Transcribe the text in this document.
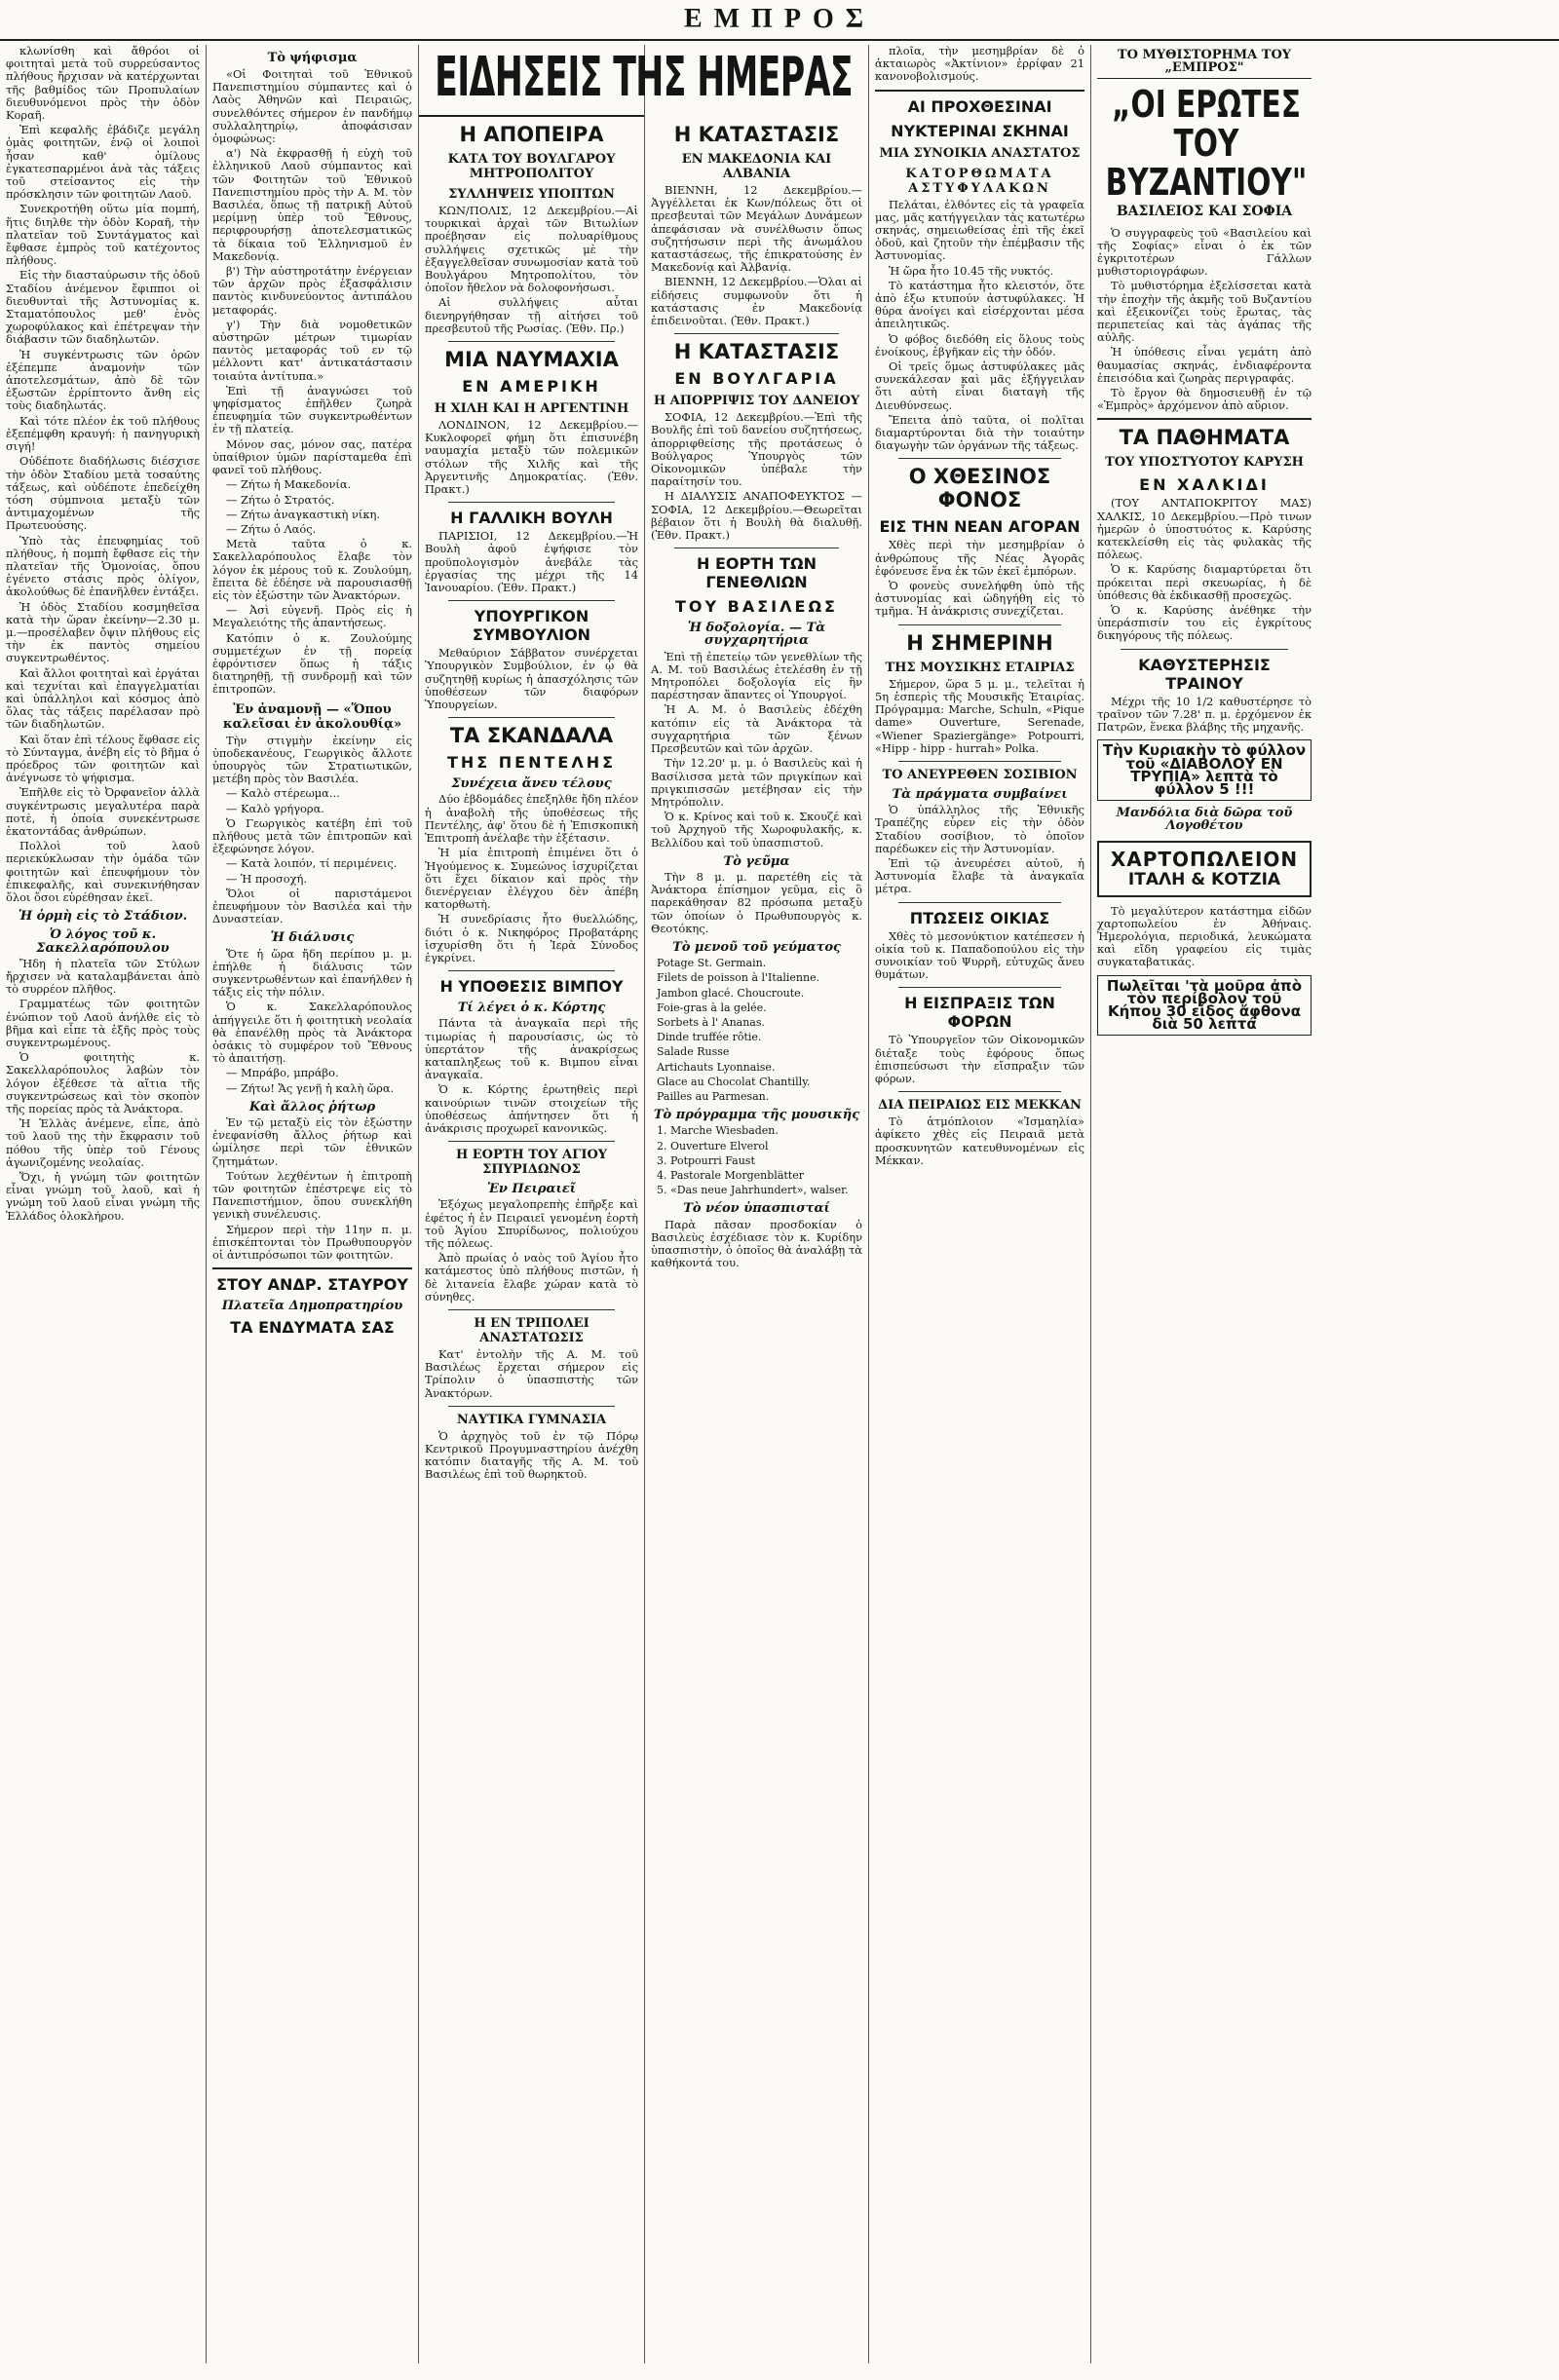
ΕΜΠΡΟΣ

κλωνίσθη καὶ ἄθρόοι οἱ φοιτηταὶ μετὰ τοῦ συρρεύσαντος πλήθους ἤρχισαν νὰ κατέρχωνται τῆς βαθμίδος τῶν Προπυλαίων διευθυνόμενοι πρὸς τὴν ὁδὸν Κοραῆ.

Ἐπὶ κεφαλῆς ἐβάδιζε μεγάλη ὁμὰς φοιτητῶν, ἐνῷ οἱ λοιποὶ ἦσαν καθ' ὁμίλους ἐγκατεσπαρμένοι ἀνὰ τὰς τάξεις τοῦ στείσαντος εἰς τὴν πρόσκλησιν τῶν φοιτητῶν Λαοῦ.

Συνεκροτήθη οὕτω μία πομπή, ἥτις διηλθε τὴν ὁδὸν Κοραῆ, τὴν πλατεῖαν τοῦ Συντάγματος καὶ ἔφθασε ἐμπρὸς τοῦ κατέχοντος πλήθους.

Εἰς τὴν διασταύρωσιν τῆς ὁδοῦ Σταδίου ἀνέμενον ἔφιπποι οἱ διευθυνταὶ τῆς Ἀστυνομίας κ. Σταματόπουλος μεθ' ἑνὸς χωροφύλακος καὶ ἐπέτρεψαν τὴν διάβασιν τῶν διαδηλωτῶν.

Ἡ συγκέντρωσις τῶν ὀρῶν ἐξέπεμπε ἀναμονὴν τῶν ἀποτελεσμάτων, ἀπὸ δὲ τῶν ἐξωστῶν ἐρρίπτοντο ἄνθη εἰς τοὺς διαδηλωτάς.

Καὶ τότε πλέον ἐκ τοῦ πλήθους ἐξεπέμφθη κραυγή: ἡ πανηγυρικὴ σιγή!

Οὐδέποτε διαδήλωσις διέσχισε τὴν ὁδὸν Σταδίου μετὰ τοσαύτης τάξεως, καὶ οὐδέποτε ἐπεδείχθη τόση σύμπνοια μεταξὺ τῶν ἀντιμαχομένων τῆς Πρωτευούσης.

Ὑπὸ τὰς ἐπευφημίας τοῦ πλήθους, ἡ πομπὴ ἔφθασε εἰς τὴν πλατεῖαν τῆς Ὁμονοίας, ὅπου ἐγένετο στάσις πρὸς ὀλίγον, ἀκολούθως δὲ ἐπανῆλθεν ἐντάξει.

Ἡ ὁδὸς Σταδίου κοσμηθεῖσα κατὰ τὴν ὥραν ἐκείνην—2.30 μ. μ.—προσέλαβεν ὄψιν πλήθους εἰς τὴν ἐκ παντὸς σημείου συγκεντρωθέντος.

Καὶ ἄλλοι φοιτηταὶ καὶ ἐργάται καὶ τεχνίται καὶ ἐπαγγελματίαι καὶ ὑπάλληλοι καὶ κόσμος ἀπὸ ὅλας τὰς τάξεις παρέλασαν πρὸ τῶν διαδηλωτῶν.

Καὶ ὅταν ἐπὶ τέλους ἔφθασε εἰς τὸ Σύνταγμα, ἀνέβη εἰς τὸ βῆμα ὁ πρόεδρος τῶν φοιτητῶν καὶ ἀνέγνωσε τὸ ψήφισμα.

Ἐπῆλθε εἰς τὸ Ὀρφανεῖον ἀλλὰ συγκέντρωσις μεγαλυτέρα παρὰ ποτὲ, ἡ ὁποία συνεκέντρωσε ἑκατοντάδας ἀνθρώπων.

Πολλοὶ τοῦ λαοῦ περιεκύκλωσαν τὴν ὁμάδα τῶν φοιτητῶν καὶ ἐπευφήμουν τὸν ἐπικεφαλῆς, καὶ συνεκινήθησαν ὅλοι ὅσοι εὑρέθησαν ἐκεῖ.

Ἡ ὁρμὴ εἰς τὸ Στάδιον.
Ὁ λόγος τοῦ κ. Σακελλαρόπουλου

Ἤδη ἡ πλατεῖα τῶν Στύλων ἤρχισεν νὰ καταλαμβάνεται ἀπὸ τὸ συρρέον πλῆθος.

Γραμματέως τῶν φοιτητῶν ἐνώπιον τοῦ Λαοῦ ἀνήλθε εἰς τὸ βῆμα καὶ εἶπε τὰ ἑξῆς πρὸς τοὺς συγκεντρωμένους.

Ὁ φοιτητὴς κ. Σακελλαρόπουλος λαβὼν τὸν λόγον ἐξέθεσε τὰ αἴτια τῆς συγκεντρώσεως καὶ τὸν σκοπὸν τῆς πορείας πρὸς τὰ Ἀνάκτορα.

Ἡ Ἑλλὰς ἀνέμενε, εἶπε, ἀπὸ τοῦ λαοῦ της τὴν ἔκφρασιν τοῦ πόθου τῆς ὑπὲρ τοῦ Γένους ἀγωνιζομένης νεολαίας.

Ὅχι, ἡ γνώμη τῶν φοιτητῶν εἶναι γνώμη τοῦ λαοῦ, καὶ ἡ γνώμη τοῦ λαοῦ εἶναι γνώμη τῆς Ἑλλάδος ὁλοκλήρου.

Τὸ ψήφισμα

«Οἱ Φοιτηταὶ τοῦ Ἐθνικοῦ Πανεπιστημίου σύμπαντες καὶ ὁ Λαὸς Ἀθηνῶν καὶ Πειραιῶς, συνελθόντες σήμερον ἐν πανδήμῳ συλλαλητηρίῳ, ἀποφάσισαν ὁμοφώνως:

α') Νὰ ἐκφρασθῇ ἡ εὐχὴ τοῦ ἑλληνικοῦ Λαοῦ σύμπαντος καὶ τῶν Φοιτητῶν τοῦ Ἐθνικοῦ Πανεπιστημίου πρὸς τὴν Α. Μ. τὸν Βασιλέα, ὅπως τῇ πατρικῇ Αὐτοῦ μερίμνῃ ὑπὲρ τοῦ Ἔθνους, περιφρουρήσῃ ἀποτελεσματικῶς τὰ δίκαια τοῦ Ἑλληνισμοῦ ἐν Μακεδονίᾳ.

β') Τὴν αὐστηροτάτην ἐνέργειαν τῶν ἀρχῶν πρὸς ἐξασφάλισιν παντὸς κινδυνεύοντος ἀντιπάλου μεταφοράς.

γ') Τὴν διὰ νομοθετικῶν αὐστηρῶν μέτρων τιμωρίαν παντὸς μεταφοράς τοῦ εν τῷ μέλλοντι κατ' ἀντικατάστασιν τοιαύτα ἀντίτυπα.»

Ἐπὶ τῇ ἀναγνώσει τοῦ ψηφίσματος ἐπῆλθεν ζωηρὰ ἐπευφημία τῶν συγκεντρωθέντων ἐν τῇ πλατείᾳ.

Μόνον σας, μόνον σας, πατέρα ὑπαίθριον ὑμῶν παρίσταμεθα ἐπὶ φανεῖ τοῦ πλήθους.

— Ζήτω ἡ Μακεδονία.

— Ζήτω ὁ Στρατός.

— Ζήτω ἀναγκαστικὴ νίκη.

— Ζήτω ὁ Λαός.

Μετὰ ταῦτα ὁ κ. Σακελλαρόπουλος ἔλαβε τὸν λόγον ἐκ μέρους τοῦ κ. Ζουλούμη, ἔπειτα δὲ ἐδέησε νὰ παρουσιασθῇ εἰς τὸν ἐξώστην τῶν Ἀνακτόρων.

— Ἀσὶ εὐγενῆ. Πρὸς εἰς ἡ Μεγαλειότης τῆς ἀπαντήσεως.

Κατόπιν ὁ κ. Ζουλούμης συμμετέχων ἐν τῇ πορείᾳ ἐφρόντισεν ὅπως ἡ τάξις διατηρηθῇ, τῇ συνδρομῇ καὶ τῶν ἐπιτροπῶν.

Ἐν ἀναμονῇ — «Ὅπου καλεῖσαι ἐν ἀκολουθίᾳ»

Τὴν στιγμὴν ἐκείνην εἰς ὑποδεκανέους, Γεωργικὸς ἄλλοτε ὑπουργὸς τῶν Στρατιωτικῶν, μετέβη πρὸς τὸν Βασιλέα.

— Καλὸ στέρεωμα...

— Καλὸ γρήγορα.

Ὁ Γεωργικὸς κατέβη ἐπὶ τοῦ πλήθους μετὰ τῶν ἐπιτροπῶν καὶ ἐξεφώνησε λόγον.

— Κατὰ λοιπόν, τί περιμένεις.

— Ἡ προσοχή.

Ὅλοι οἱ παριστάμενοι ἐπευφήμουν τὸν Βασιλέα καὶ τὴν Δυναστείαν.

Ἡ διάλυσις

Ὅτε ἡ ὥρα ἤδη περίπου μ. μ. ἐπήλθε ἡ διάλυσις τῶν συγκεντρωθέντων καὶ ἐπανήλθεν ἡ τάξις εἰς τὴν πόλιν.

Ὁ κ. Σακελλαρόπουλος ἀπήγγειλε ὅτι ἡ φοιτητικὴ νεολαία θὰ ἐπανέλθῃ πρὸς τὰ Ἀνάκτορα ὁσάκις τὸ συμφέρον τοῦ Ἔθνους τὸ ἀπαιτήσῃ.

— Μπράβο, μπράβο.

— Ζήτω! Ἄς γενῇ ἡ καλὴ ὥρα.

Καὶ ἄλλος ῥήτωρ

Ἐν τῷ μεταξὺ εἰς τὸν ἐξώστην ἐνεφανίσθη ἄλλος ῥήτωρ καὶ ὡμίλησε περὶ τῶν ἐθνικῶν ζητημάτων.

Τούτων λεχθέντων ἡ ἐπιτροπὴ τῶν φοιτητῶν ἐπέστρεψε εἰς τὸ Πανεπιστήμιον, ὅπου συνεκλήθη γενικὴ συνέλευσις.

Σήμερον περὶ τὴν 11ην π. μ. ἐπισκέπτονται τὸν Πρωθυπουργὸν οἱ ἀντιπρόσωποι τῶν φοιτητῶν.

ΣΤΟΥ ΑΝΔΡ. ΣΤΑΥΡΟΥ
Πλατεῖα Δημοπρατηρίου
ΤΑ ΕΝΔΥΜΑΤΑ ΣΑΣ
ΕΙΔΗΣΕΙΣ ΤΗΣ ΗΜΕΡΑΣ
Η ΑΠΟΠΕΙΡΑ
ΚΑΤΑ ΤΟΥ ΒΟΥΛΓΑΡΟΥ ΜΗΤΡΟΠΟΛΙΤΟΥ
ΣΥΛΛΗΨΕΙΣ ΥΠΟΠΤΩΝ

ΚΩΝ/ΠΟΛΙΣ, 12 Δεκεμβρίου.—Αἱ τουρκικαὶ ἀρχαὶ τῶν Βιτωλίων προέβησαν εἰς πολυαρίθμους συλλήψεις σχετικῶς μὲ τὴν ἐξαγγελθεῖσαν συνωμοσίαν κατὰ τοῦ Βουλγάρου Μητροπολίτου, τὸν ὁποῖον ἤθελον νὰ δολοφονήσωσι.

Αἱ συλλήψεις αὗται διενηργήθησαν τῇ αἰτήσει τοῦ πρεσβευτοῦ τῆς Ρωσίας. (Ἐθν. Πρ.)

ΜΙΑ ΝΑΥΜΑΧΙΑ
ΕΝ ΑΜΕΡΙΚΗ
Η ΧΙΛΗ ΚΑΙ Η ΑΡΓΕΝΤΙΝΗ

ΛΟΝΔΙΝΟΝ, 12 Δεκεμβρίου.—Κυκλοφορεῖ φήμη ὅτι ἐπισυνέβη ναυμαχία μεταξὺ τῶν πολεμικῶν στόλων τῆς Χιλῆς καὶ τῆς Ἀργεντινῆς Δημοκρατίας. (Ἐθν. Πρακτ.)

Η ΓΑΛΛΙΚΗ ΒΟΥΛΗ

ΠΑΡΙΣΙΟΙ, 12 Δεκεμβρίου.—Ἡ Βουλὴ ἀφοῦ ἐψήφισε τὸν προϋπολογισμὸν ἀνεβάλε τὰς ἐργασίας της μέχρι τῆς 14 Ἰανουαρίου. (Ἐθν. Πρακτ.)

ΥΠΟΥΡΓΙΚΟΝ ΣΥΜΒΟΥΛΙΟΝ

Μεθαύριον Σάββατον συνέρχεται Ὑπουργικὸν Συμβούλιον, ἐν ᾧ θὰ συζητηθῇ κυρίως ἡ ἀπασχόλησις τῶν ὑποθέσεων τῶν διαφόρων Ὑπουργείων.

ΤΑ ΣΚΑΝΔΑΛΑ
ΤΗΣ ΠΕΝΤΕΛΗΣ
Συνέχεια ἄνευ τέλους

Δύο ἐβδομάδες ἐπεξηλθε ἤδη πλέον ἡ ἀναβολὴ τῆς ὑποθέσεως τῆς Πεντέλης, ἀφ' ὅτου δὲ ἡ Ἐπισκοπικὴ Ἐπιτροπὴ ἀνέλαβε τὴν ἐξέτασιν.

Ἡ μία ἐπιτροπὴ ἐπιμένει ὅτι ὁ Ἡγούμενος κ. Συμεώνος ἰσχυρίζεται ὅτι ἔχει δίκαιον καὶ πρὸς τὴν διενέργειαν ἐλέγχου δὲν ἀπέβη κατορθωτὴ.

Ἡ συνεδρίασις ἦτο θυελλώδης, διότι ὁ κ. Νικηφόρος Προβατάρης ἰσχυρίσθη ὅτι ἡ Ἱερὰ Σύνοδος ἐγκρίνει.

Η ΥΠΟΘΕΣΙΣ ΒΙΜΠΟΥ
Τί λέγει ὁ κ. Κόρτης

Πάντα τὰ ἀναγκαῖα περὶ τῆς τιμωρίας ἡ παρουσίασις, ὡς τὸ ὑπερτάτον τῆς ἀνακρίσεως καταπληξεως τοῦ κ. Βιμπου εἶναι ἀναγκαῖα.

Ὁ κ. Κόρτης ἐρωτηθεὶς περὶ καινούριων τινῶν στοιχείων τῆς ὑποθέσεως ἀπήντησεν ὅτι ἡ ἀνάκρισις προχωρεῖ κανονικῶς.

Η ΕΟΡΤΗ ΤΟΥ ΑΓΙΟΥ ΣΠΥΡΙΔΩΝΟΣ
Ἐν Πειραιεῖ

Ἐξόχως μεγαλοπρεπὴς ἐπῆρξε καὶ ἐφέτος ἡ ἐν Πειραιεῖ γενομένη ἑορτὴ τοῦ Ἁγίου Σπυρίδωνος, πολιούχου τῆς πόλεως.

Ἀπὸ πρωίας ὁ ναὸς τοῦ Ἁγίου ἦτο κατάμεστος ὑπὸ πλήθους πιστῶν, ἡ δὲ λιτανεία ἔλαβε χώραν κατὰ τὸ σύνηθες.

Η ΕΝ ΤΡΙΠΟΛΕΙ ΑΝΑΣΤΑΤΩΣΙΣ

Κατ' ἐντολὴν τῆς Α. Μ. τοῦ Βασιλέως ἔρχεται σήμερον εἰς Τρίπολιν ὁ ὑπασπιστὴς τῶν Ἀνακτόρων.

ΝΑΥΤΙΚΑ ΓΥΜΝΑΣΙΑ

Ὁ ἀρχηγὸς τοῦ ἐν τῷ Πόρῳ Κεντρικοῦ Προγυμναστηρίου ἀνέχθη κατόπιν διαταγῆς τῆς Α. Μ. τοῦ Βασιλέως ἐπὶ τοῦ θωρηκτοῦ.

Η ΚΑΤΑΣΤΑΣΙΣ
ΕΝ ΜΑΚΕΔΟΝΙΑ ΚΑΙ ΑΛΒΑΝΙΑ

ΒΙΕΝΝΗ, 12 Δεκεμβρίου.—Ἀγγέλλεται ἐκ Κων/πόλεως ὅτι οἱ πρεσβευταὶ τῶν Μεγάλων Δυνάμεων ἀπεφάσισαν νὰ συνέλθωσιν ὅπως συζητήσωσιν περὶ τῆς ἀνωμάλου καταστάσεως, τῆς ἐπικρατούσης ἐν Μακεδονίᾳ καὶ Ἀλβανίᾳ.

ΒΙΕΝΝΗ, 12 Δεκεμβρίου.—Ὁλαι αἱ εἰδήσεις συμφωνοῦν ὅτι ἡ κατάστασις ἐν Μακεδονίᾳ ἐπιδεινοῦται. (Ἐθν. Πρακτ.)

Η ΚΑΤΑΣΤΑΣΙΣ
ΕΝ ΒΟΥΛΓΑΡΙΑ
Η ΑΠΟΡΡΙΨΙΣ ΤΟΥ ΔΑΝΕΙΟΥ

ΣΟΦΙΑ, 12 Δεκεμβρίου.—Ἐπὶ τῆς Βουλῆς ἐπὶ τοῦ δανείου συζητήσεως, ἀπορριφθείσης τῆς προτάσεως ὁ Βούλγαρος Ὑπουργὸς τῶν Οἰκονομικῶν ὑπέβαλε τὴν παραίτησίν του.

Η ΔΙΑΛΥΣΙΣ ΑΝΑΠΟΦΕΥΚΤΟΣ — ΣΟΦΙΑ, 12 Δεκεμβρίου.—Θεωρεῖται βέβαιον ὅτι ἡ Βουλὴ θὰ διαλυθῇ. (Ἐθν. Πρακτ.)

Η ΕΟΡΤΗ ΤΩΝ ΓΕΝΕΘΛΙΩΝ
ΤΟΥ ΒΑΣΙΛΕΩΣ
Ἡ δοξολογία. — Τὰ συγχαρητήρια

Ἐπὶ τῇ ἐπετείῳ τῶν γενεθλίων τῆς Α. Μ. τοῦ Βασιλέως ἐτελέσθη ἐν τῇ Μητροπόλει δοξολογία εἰς ἣν παρέστησαν ἅπαντες οἱ Ὑπουργοί.

Ἡ Α. Μ. ὁ Βασιλεὺς ἐδέχθη κατόπιν εἰς τὰ Ἀνάκτορα τὰ συγχαρητήρια τῶν ξένων Πρεσβευτῶν καὶ τῶν ἀρχῶν.

Τὴν 12.20' μ. μ. ὁ Βασιλεὺς καὶ ἡ Βασίλισσα μετὰ τῶν πριγκίπων καὶ πριγκιπισσῶν μετέβησαν εἰς τὴν Μητρόπολιν.

Ὁ κ. Κρίνος καὶ τοῦ κ. Σκουζέ καὶ τοῦ Ἀρχηγοῦ τῆς Χωροφυλακῆς, κ. Βελλίδου καὶ τοῦ ὑπασπιστοῦ.

Τὸ γεῦμα

Τὴν 8 μ. μ. παρετέθη εἰς τὰ Ἀνάκτορα ἐπίσημον γεῦμα, εἰς ὃ παρεκάθησαν 82 πρόσωπα μεταξὺ τῶν ὁποίων ὁ Πρωθυπουργὸς κ. Θεοτόκης.

Τὸ μενοῦ τοῦ γεύματος

Potage St. Germain.

Filets de poisson à l'Italienne.

Jambon glacé. Choucroute.

Foie-gras à la gelée.

Sorbets à l' Ananas.

Dinde truffée rôtie.

Salade Russe

Artichauts Lyonnaise.

Glace au Chocolat Chantilly.

Pailles au Parmesan.

Τὸ πρόγραμμα τῆς μουσικῆς

1. Marche Wiesbaden.

2. Ouverture Elverol

3. Potpourri Faust

4. Pastorale Morgenblätter

5. «Das neue Jahrhundert», walser.

Τὸ νέον ὑπασπισταί

Παρὰ πᾶσαν προσδοκίαν ὁ Βασιλεὺς ἐσχέδιασε τὸν κ. Κυρίδην ὑπασπιστὴν, ὁ ὁποῖος θὰ ἀναλάβῃ τὰ καθήκοντά του.

πλοῖα, τὴν μεσημβρίαν δὲ ὁ ἀκταιωρὸς «Ἀκτίνιον» ἐρρίφαν 21 κανονοβολισμούς.

ΑΙ ΠΡΟΧΘΕΣΙΝΑΙ
ΝΥΚΤΕΡΙΝΑΙ ΣΚΗΝΑΙ
ΜΙΑ ΣΥΝΟΙΚΙΑ ΑΝΑΣΤΑΤΟΣ
ΚΑΤΟΡΘΩΜΑΤΑ ΑΣΤΥΦΥΛΑΚΩΝ

Πελάται, ἐλθόντες εἰς τὰ γραφεῖα μας, μᾶς κατήγγειλαν τὰς κατωτέρω σκηνάς, σημειωθείσας ἐπὶ τῆς ἐκεῖ ὁδοῦ, καὶ ζητοῦν τὴν ἐπέμβασιν τῆς Ἀστυνομίας.

Ἡ ὥρα ἦτο 10.45 τῆς νυκτός.

Τὸ κατάστημα ἦτο κλειστόν, ὅτε ἀπὸ ἐξω κτυπούν ἀστυφύλακες. Ἡ θύρα ἀνοίγει καὶ εἰσέρχονται μέσα ἀπειλητικῶς.

Ὁ φόβος διεδόθη εἰς ὅλους τοὺς ἐνοίκους, ἐβγῆκαν εἰς τὴν ὁδόν.

Οἱ τρεῖς ὅμως ἀστυφύλακες μᾶς συνεκάλεσαν καὶ μᾶς ἐξήγγειλαν ὅτι αὐτὴ εἶναι διαταγὴ τῆς Διευθύνσεως.

Ἔπειτα ἀπὸ ταῦτα, οἱ πολῖται διαμαρτύρονται διὰ τὴν τοιαύτην διαγωγὴν τῶν ὀργάνων τῆς τάξεως.

Ο ΧΘΕΣΙΝΟΣ ΦΟΝΟΣ
ΕΙΣ ΤΗΝ ΝΕΑΝ ΑΓΟΡΑΝ

Χθὲς περὶ τὴν μεσημβρίαν ὁ ἀνθρώπους τῆς Νέας Ἀγορᾶς ἐφόνευσε ἕνα ἐκ τῶν ἐκεῖ ἐμπόρων.

Ὁ φονεὺς συνελήφθη ὑπὸ τῆς ἀστυνομίας καὶ ὡδηγήθη εἰς τὸ τμῆμα. Ἡ ἀνάκρισις συνεχίζεται.

Η ΣΗΜΕΡΙΝΗ
ΤΗΣ ΜΟΥΣΙΚΗΣ ΕΤΑΙΡΙΑΣ

Σήμερον, ὥρα 5 μ. μ., τελεῖται ἡ 5η ἑσπερὶς τῆς Μουσικῆς Ἑταιρίας. Πρόγραμμα: Marche, Schuln, «Pique dame» Ouverture, Serenade, «Wiener Spaziergänge» Potpourri, «Hipp - hipp - hurrah» Polka.

ΤΟ ΑΝΕΥΡΕΘΕΝ ΣΟΣΙΒΙΟΝ
Τὰ πράγματα συμβαίνει

Ὁ ὑπάλληλος τῆς Ἐθνικῆς Τραπέζης εὗρεν εἰς τὴν ὁδὸν Σταδίου σοσίβιον, τὸ ὁποῖον παρέδωκεν εἰς τὴν Ἀστυνομίαν.

Ἐπὶ τῷ ἀνευρέσει αὐτοῦ, ἡ Ἀστυνομία ἔλαβε τὰ ἀναγκαῖα μέτρα.

ΠΤΩΣΕΙΣ ΟΙΚΙΑΣ

Χθὲς τὸ μεσονύκτιον κατέπεσεν ἡ οἰκία τοῦ κ. Παπαδοπούλου εἰς τὴν συνοικίαν τοῦ Ψυρρῆ, εὐτυχῶς ἄνευ θυμάτων.

Η ΕΙΣΠΡΑΞΙΣ ΤΩΝ ΦΟΡΩΝ

Τὸ Ὑπουργεῖον τῶν Οἰκονομικῶν διέταξε τοὺς ἐφόρους ὅπως ἐπισπεύσωσι τὴν εἴσπραξιν τῶν φόρων.

ΔΙΑ ΠΕΙΡΑΙΩΣ ΕΙΣ ΜΕΚΚΑΝ

Τὸ ἀτμόπλοιον «Ἰσμαηλία» ἀφίκετο χθὲς εἰς Πειραιᾶ μετὰ προσκυνητῶν κατευθυνομένων εἰς Μέκκαν.

ΤΟ ΜΥΘΙΣΤΟΡΗΜΑ ΤΟΥ „ΕΜΠΡΟΣ"
„ΟΙ ΕΡΩΤΕΣ ΤΟΥ ΒΥΖΑΝΤΙΟΥ"
ΒΑΣΙΛΕΙΟΣ ΚΑΙ ΣΟΦΙΑ

Ὁ συγγραφεὺς τοῦ «Βασιλείου καὶ τῆς Σοφίας» εἶναι ὁ ἐκ τῶν ἐγκριτοτέρων Γάλλων μυθιστοριογράφων.

Τὸ μυθιστόρημα ἐξελίσσεται κατὰ τὴν ἐποχὴν τῆς ἀκμῆς τοῦ Βυζαντίου καὶ ἐξεικονίζει τοὺς ἔρωτας, τὰς περιπετείας καὶ τὰς ἀγάπας τῆς αὐλῆς.

Ἡ ὑπόθεσις εἶναι γεμάτη ἀπὸ θαυμασίας σκηνάς, ἐνδιαφέροντα ἐπεισόδια καὶ ζωηρὰς περιγραφάς.

Τὸ ἔργον θὰ δημοσιευθῇ ἐν τῷ «Ἐμπρὸς» ἀρχόμενον ἀπὸ αὔριον.

ΤΑ ΠΑΘΗΜΑΤΑ
ΤΟΥ ΥΠΟΣΤΥΟΤΟΥ ΚΑΡΥΣΗ
ΕΝ ΧΑΛΚΙΔΙ

(ΤΟΥ ΑΝΤΑΠΟΚΡΙΤΟΥ ΜΑΣ) ΧΑΛΚΙΣ, 10 Δεκεμβρίου.—Πρὸ τινων ἡμερῶν ὁ ὑποστυότος κ. Καρύσης κατεκλείσθη εἰς τὰς φυλακὰς τῆς πόλεως.

Ὁ κ. Καρύσης διαμαρτύρεται ὅτι πρόκειται περὶ σκευωρίας, ἡ δὲ ὑπόθεσις θὰ ἐκδικασθῇ προσεχῶς.

Ὁ κ. Καρύσης ἀνέθηκε τὴν ὑπεράσπισίν του εἰς ἐγκρίτους δικηγόρους τῆς πόλεως.

ΚΑΘΥΣΤΕΡΗΣΙΣ ΤΡΑΙΝΟΥ

Μέχρι τῆς 10 1/2 καθυστέρησε τὸ τραῖνον τῶν 7.28' π. μ. ἐρχόμενον ἐκ Πατρῶν, ἕνεκα βλάβης τῆς μηχανῆς.

Τὴν Κυριακὴν τὸ φύλλον τοῦ «ΔΙΑΒΟΛΟΥ ΕΝ ΤΡΥΠΙΑ» λεπτὰ τὸ φύλλον 5 !!!
Μανδόλια διὰ δῶρα τοῦ Λογοθέτου
ΧΑΡΤΟΠΩΛΕΙΟΝ
ΙΤΑΛΗ & ΚΟΤΖΙΑ

Τὸ μεγαλύτερον κατάστημα εἰδῶν χαρτοπωλείου ἐν Ἀθήναις. Ἡμερολόγια, περιοδικά, λευκώματα καὶ εἴδη γραφείου εἰς τιμὰς συγκαταβατικάς.

Πωλεῖται 'τὰ μοῦρα ἀπὸ τὸν περίβολον τοῦ Κήπου 30 εἶδος ἄφθονα διὰ 50 λεπτά
